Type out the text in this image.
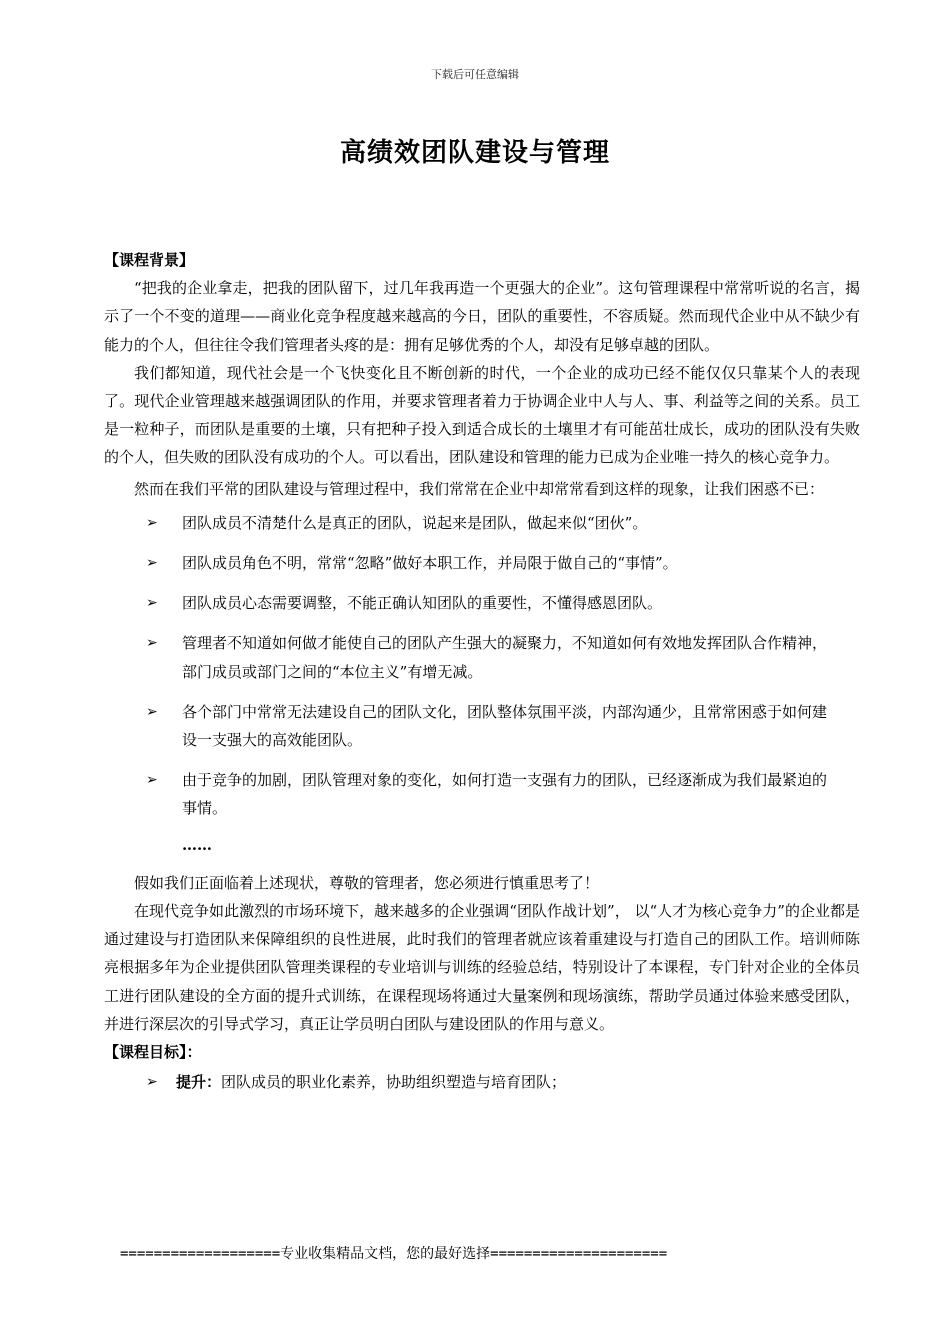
下载后可任意编辑
高绩效团队建设与管理
【课程背景】

“把我的企业拿走，把我的团队留下，过几年我再造一个更强大的企业”。这句管理课程中常常听说的名言，揭示了一个不变的道理——商业化竞争程度越来越高的今日，团队的重要性，不容质疑。然而现代企业中从不缺少有能力的个人，但往往令我们管理者头疼的是：拥有足够优秀的个人，却没有足够卓越的团队。

我们都知道，现代社会是一个飞快变化且不断创新的时代，一个企业的成功已经不能仅仅只靠某个人的表现了。现代企业管理越来越强调团队的作用，并要求管理者着力于协调企业中人与人、事、利益等之间的关系。员工是一粒种子，而团队是重要的土壤，只有把种子投入到适合成长的土壤里才有可能茁壮成长，成功的团队没有失败的个人，但失败的团队没有成功的个人。可以看出，团队建设和管理的能力已成为企业唯一持久的核心竞争力。

然而在我们平常的团队建设与管理过程中，我们常常在企业中却常常看到这样的现象，让我们困惑不已：

➢ 团队成员不清楚什么是真正的团队，说起来是团队，做起来似“团伙”。
➢ 团队成员角色不明，常常“忽略”做好本职工作，并局限于做自己的“事情”。
➢ 团队成员心态需要调整，不能正确认知团队的重要性，不懂得感恩团队。
➢ 管理者不知道如何做才能使自己的团队产生强大的凝聚力，不知道如何有效地发挥团队合作精神，部门成员或部门之间的“本位主义”有增无减。
➢ 各个部门中常常无法建设自己的团队文化，团队整体氛围平淡，内部沟通少，且常常困惑于如何建设一支强大的高效能团队。
➢ 由于竞争的加剧，团队管理对象的变化，如何打造一支强有力的团队，已经逐渐成为我们最紧迫的事情。
……

假如我们正面临着上述现状，尊敬的管理者，您必须进行慎重思考了！

在现代竞争如此激烈的市场环境下，越来越多的企业强调“团队作战计划”， 以“人才为核心竞争力”的企业都是通过建设与打造团队来保障组织的良性进展，此时我们的管理者就应该着重建设与打造自己的团队工作。培训师陈亮根据多年为企业提供团队管理类课程的专业培训与训练的经验总结，特别设计了本课程，专门针对企业的全体员工进行团队建设的全方面的提升式训练，在课程现场将通过大量案例和现场演练，帮助学员通过体验来感受团队，并进行深层次的引导式学习，真正让学员明白团队与建设团队的作用与意义。

【课程目标】：
➢ 提升：团队成员的职业化素养，协助组织塑造与培育团队；
===================专业收集精品文档，您的最好选择=====================
